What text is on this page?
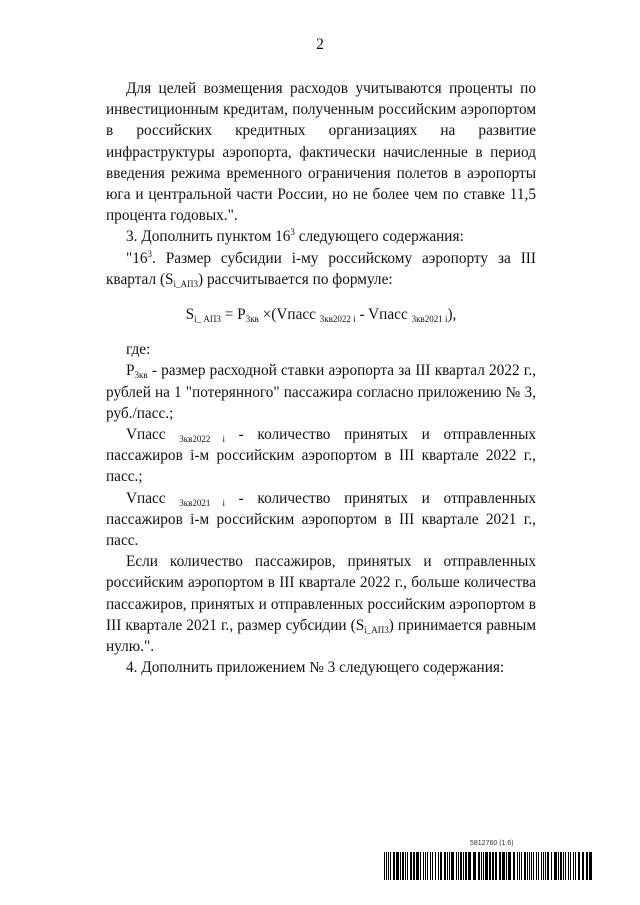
2

Для целей возмещения расходов учитываются проценты по инвестиционным кредитам, полученным российским аэропортом в российских кредитных организациях на развитие инфраструктуры аэропорта, фактически начисленные в период введения режима временного ограничения полетов в аэропорты юга и центральной части России, но не более чем по ставке 11,5 процента годовых.".

3. Дополнить пунктом $16^3$ следующего содержания:

"$16^3$. Размер субсидии i-му российскому аэропорту за III квартал $(S_{i\_АП3})$ рассчитывается по формуле:

$S_{i\_ АП3} = Р_{3кв}$ ×(Vпасс $_{3кв2022 i}$ - Vпасс $_{3кв2021 i}$),

где:

$Р_{3кв}$ - размер расходной ставки аэропорта за III квартал 2022 г., рублей на 1 "потерянного" пассажира согласно приложению № 3, руб./пасс.;

Vпасс $_{3кв2022 i}$ - количество принятых и отправленных пассажиров i-м российским аэропортом в III квартале 2022 г., пасс.;

Vпасс $_{3кв2021 i}$ - количество принятых и отправленных пассажиров i-м российским аэропортом в III квартале 2021 г., пасс.

Если количество пассажиров, принятых и отправленных российским аэропортом в III квартале 2022 г., больше количества пассажиров, принятых и отправленных российским аэропортом в III квартале 2021 г., размер субсидии $(S_{i\_АП3})$ принимается равным нулю.".

4. Дополнить приложением № 3 следующего содержания:

5812760 (1.6)
